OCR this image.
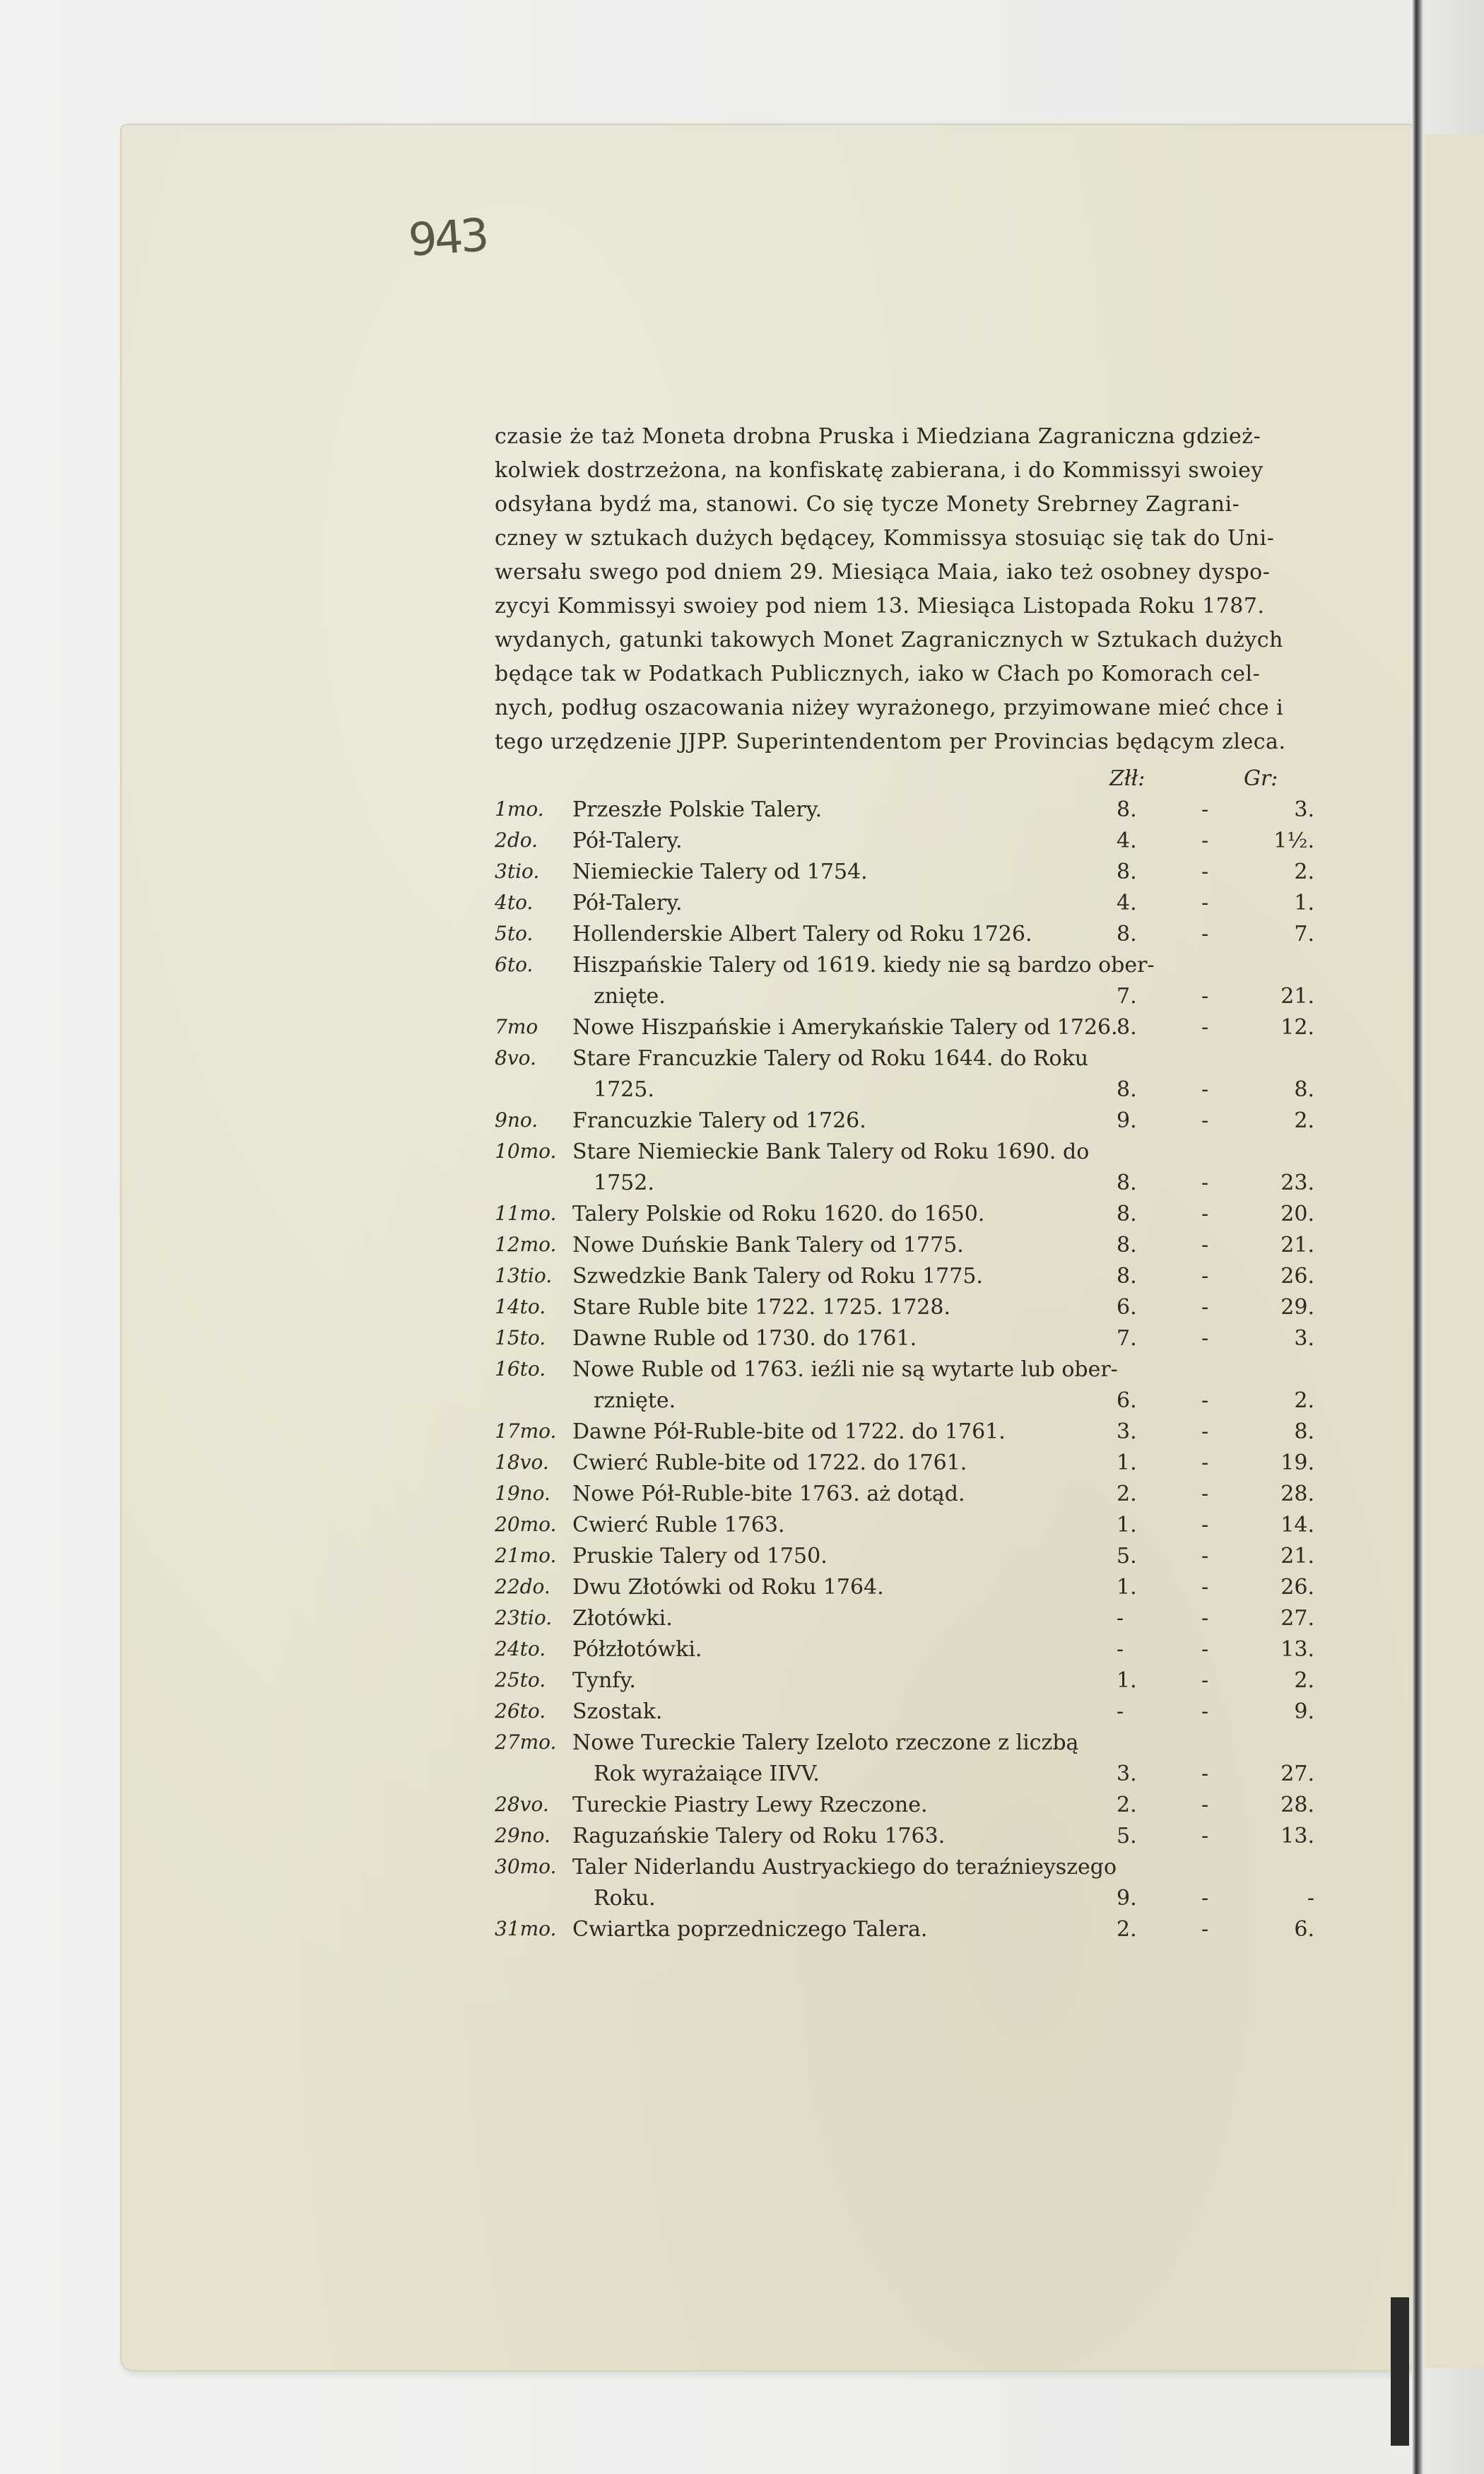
943
czasie że taż Moneta drobna Pruska i Miedziana Zagraniczna gdzież-
kolwiek dostrzeżona, na konfiskatę zabierana, i do Kommissyi swoiey
odsyłana bydź ma, stanowi. Co się tycze Monety Srebrney Zagrani-
czney w sztukach dużych będącey, Kommissya stosuiąc się tak do Uni-
wersału swego pod dniem 29. Miesiąca Maia, iako też osobney dyspo-
zycyi Kommissyi swoiey pod niem 13. Miesiąca Listopada Roku 1787.
wydanych, gatunki takowych Monet Zagranicznych w Sztukach dużych
będące tak w Podatkach Publicznych, iako w Cłach po Komorach cel-
nych, podług oszacowania niżey wyrażonego, przyimowane mieć chce i
tego urzędzenie JJPP. Superintendentom per Provincias będącym zleca.
Złł:	Gr:
1mo. Przeszłe Polskie Talery.	8.	-	3.
2do. Pół-Talery.	4.	-	1½.
3tio. Niemieckie Talery od 1754.	8.	-	2.
4to. Pół-Talery.	4.	-	1.
5to. Hollenderskie Albert Talery od Roku 1726.	8.	-	7.
6to. Hiszpańskie Talery od 1619. kiedy nie są bardzo ober-
znięte.	7.	-	21.
7mo Nowe Hiszpańskie i Amerykańskie Talery od 1726.
8.	-	12.
8vo. Stare Francuzkie Talery od Roku 1644. do Roku
1725.	8.	-	8.
9no. Francuzkie Talery od 1726.	9.	-	2.
10mo. Stare Niemieckie Bank Talery od Roku 1690. do
1752.	8.	-	23.
11mo. Talery Polskie od Roku 1620. do 1650.	8.	-	20.
12mo. Nowe Duńskie Bank Talery od 1775.	8.	-	21.
13tio. Szwedzkie Bank Talery od Roku 1775.	8.	-	26.
14to. Stare Ruble bite 1722. 1725. 1728.	6.	-	29.
15to. Dawne Ruble od 1730. do 1761.	7.	-	3.
16to. Nowe Ruble od 1763. ieźli nie są wytarte lub ober-
rznięte.	6.	-	2.
17mo. Dawne Pół-Ruble-bite od 1722. do 1761.	3.	-	8.
18vo. Cwierć Ruble-bite od 1722. do 1761.	1.	-	19.
19no. Nowe Pół-Ruble-bite 1763. aż dotąd.	2.	-	28.
20mo. Cwierć Ruble 1763.	1.	-	14.
21mo. Pruskie Talery od 1750.	5.	-	21.
22do. Dwu Złotówki od Roku 1764.	1.	-	26.
23tio. Złotówki.	-	-	27.
24to. Półzłotówki.	-	-	13.
25to. Tynfy.	1.	-	2.
26to. Szostak.	-	-	9.
27mo. Nowe Tureckie Talery Izeloto rzeczone z liczbą
Rok wyrażaiące IIVV.	3.	-	27.
28vo. Tureckie Piastry Lewy Rzeczone.	2.	-	28.
29no. Raguzańskie Talery od Roku 1763.	5.	-	13.
30mo. Taler Niderlandu Austryackiego do teraźnieyszego
Roku.	9.	-	-
31mo. Cwiartka poprzedniczego Talera.	2.	-	6.
